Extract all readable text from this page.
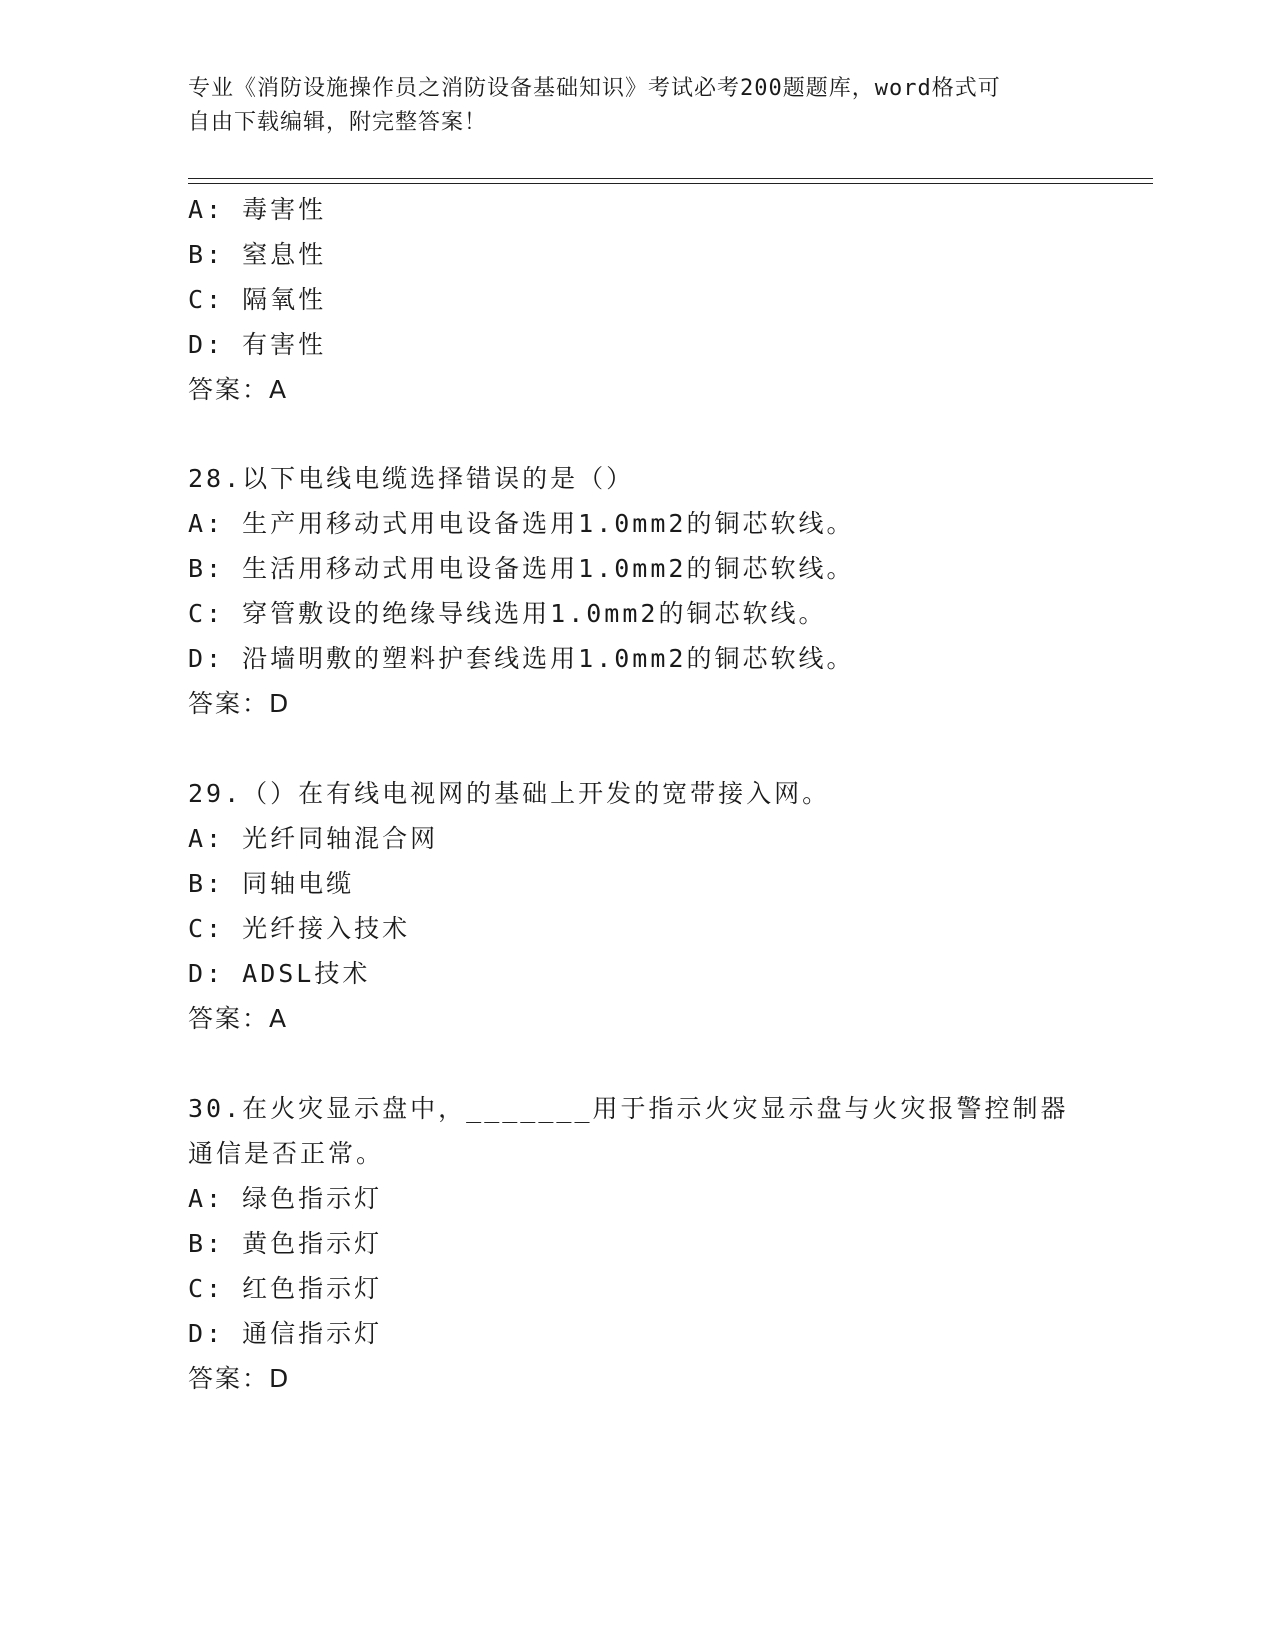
专业《消防设施操作员之消防设备基础知识》考试必考200题题库，word格式可
自由下载编辑，附完整答案！
A: 毒害性
B: 窒息性
C: 隔氧性
D: 有害性
答案：A
28.以下电线电缆选择错误的是（）
A: 生产用移动式用电设备选用1.0mm2的铜芯软线。
B: 生活用移动式用电设备选用1.0mm2的铜芯软线。
C: 穿管敷设的绝缘导线选用1.0mm2的铜芯软线。
D: 沿墙明敷的塑料护套线选用1.0mm2的铜芯软线。
答案：D
29.（）在有线电视网的基础上开发的宽带接入网。
A: 光纤同轴混合网
B: 同轴电缆
C: 光纤接入技术
D: ADSL技术
答案：A
30.在火灾显示盘中，_______用于指示火灾显示盘与火灾报警控制器
通信是否正常。
A: 绿色指示灯
B: 黄色指示灯
C: 红色指示灯
D: 通信指示灯
答案：D
